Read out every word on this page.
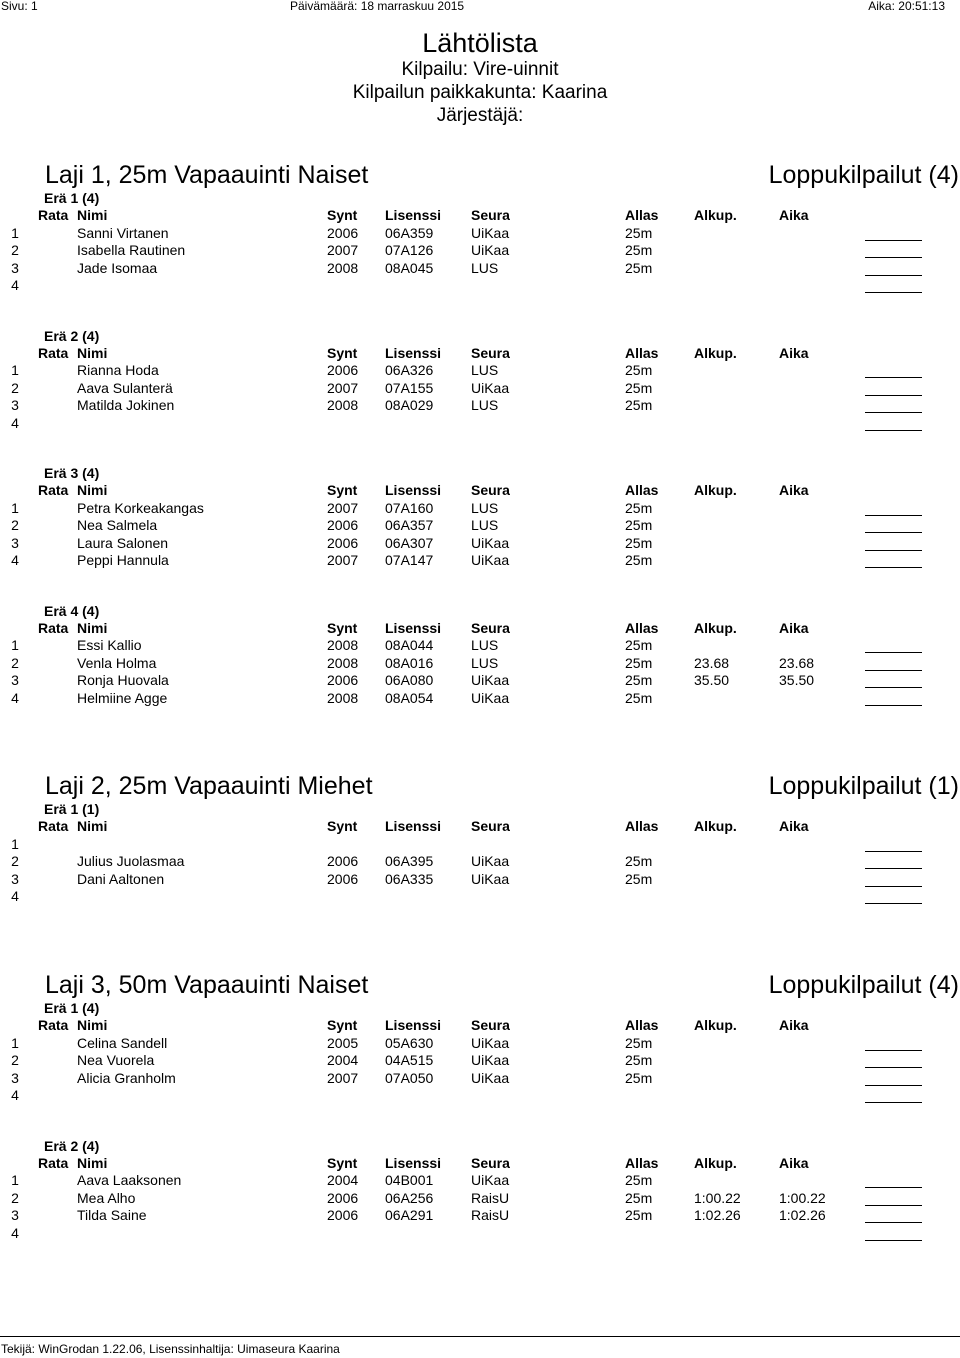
Sivu: 1	Päivämäärä: 18 marraskuu 2015	Aika: 20:51:13
Lähtölista
Kilpailu: Vire-uinnit
Kilpailun paikkakunta: Kaarina
Järjestäjä:
Laji 1, 25m Vapaauinti Naiset	Loppukilpailut (4)
Erä 1 (4)
Rata Nimi	Synt Lisenssi Seura	Allas	Alkup.	Aika
1	Sanni Virtanen	2006 06A359	UiKaa	25m
2	Isabella Rautinen	2007 07A126	UiKaa	25m
3	Jade Isomaa	2008 08A045	LUS	25m
4
Erä 2 (4)
Rata Nimi	Synt Lisenssi Seura	Allas	Alkup.	Aika
1	Rianna Hoda	2006 06A326	LUS	25m
2	Aava Sulanterä	2007 07A155	UiKaa	25m
3	Matilda Jokinen	2008 08A029	LUS	25m
4
Erä 3 (4)
Rata Nimi	Synt Lisenssi Seura	Allas	Alkup.	Aika
1	Petra Korkeakangas	2007 07A160	LUS	25m
2	Nea Salmela	2006 06A357	LUS	25m
3	Laura Salonen	2006 06A307	UiKaa	25m
4	Peppi Hannula	2007 07A147	UiKaa	25m
Erä 4 (4)
Rata Nimi	Synt Lisenssi Seura	Allas	Alkup.	Aika
1	Essi Kallio	2008 08A044	LUS	25m
2	Venla Holma	2008 08A016	LUS	25m	23.68	23.68
3	Ronja Huovala	2006 06A080	UiKaa	25m	35.50	35.50
4	Helmiine Agge	2008 08A054	UiKaa	25m
Laji 2, 25m Vapaauinti Miehet	Loppukilpailut (1)
Erä 1 (1)
Rata Nimi	Synt Lisenssi Seura	Allas	Alkup.	Aika
1
2	Julius Juolasmaa	2006 06A395	UiKaa	25m
3	Dani Aaltonen	2006 06A335	UiKaa	25m
4
Laji 3, 50m Vapaauinti Naiset	Loppukilpailut (4)
Erä 1 (4)
Rata Nimi	Synt Lisenssi Seura	Allas	Alkup.	Aika
1	Celina Sandell	2005 05A630	UiKaa	25m
2	Nea Vuorela	2004 04A515	UiKaa	25m
3	Alicia Granholm	2007 07A050	UiKaa	25m
4
Erä 2 (4)
Rata Nimi	Synt Lisenssi Seura	Allas	Alkup.	Aika
1	Aava Laaksonen	2004 04B001	UiKaa	25m
2	Mea Alho	2006 06A256	RaisU	25m	1:00.22	1:00.22
3	Tilda Saine	2006 06A291	RaisU	25m	1:02.26	1:02.26
4
Tekijä: WinGrodan 1.22.06, Lisenssinhaltija: Uimaseura Kaarina
